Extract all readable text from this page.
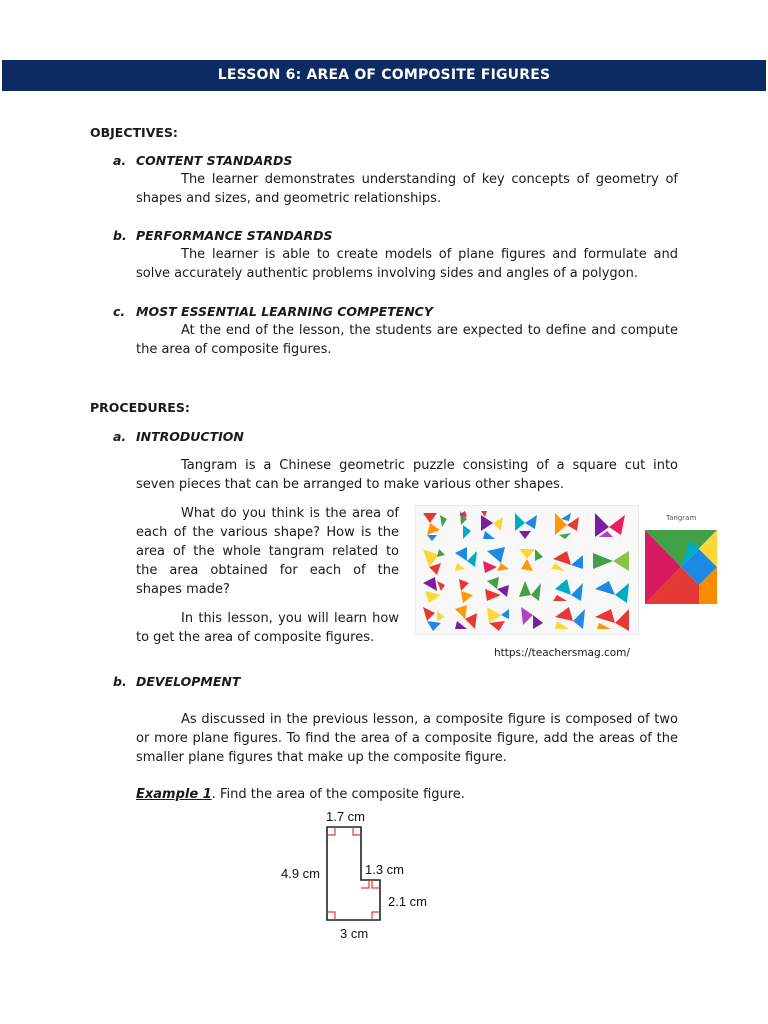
LESSON 6: AREA OF COMPOSITE FIGURES
OBJECTIVES:
a. CONTENT STANDARDS
The learner demonstrates understanding of key concepts of geometry of shapes and sizes, and geometric relationships.
b. PERFORMANCE STANDARDS
The learner is able to create models of plane figures and formulate and solve accurately authentic problems involving sides and angles of a polygon.
c. MOST ESSENTIAL LEARNING COMPETENCY
At the end of the lesson, the students are expected to define and compute the area of composite figures.
PROCEDURES:
a. INTRODUCTION
Tangram is a Chinese geometric puzzle consisting of a square cut into seven pieces that can be arranged to make various other shapes.
What do you think is the area of each of the various shape? How is the area of the whole tangram related to the area obtained for each of the shapes made?
In this lesson, you will learn how to get the area of composite figures.
Tangram
https://teachersmag.com/
b. DEVELOPMENT
As discussed in the previous lesson, a composite figure is composed of two or more plane figures. To find the area of a composite figure, add the areas of the smaller plane figures that make up the composite figure.
Example 1. Find the area of the composite figure.
1.7 cm
4.9 cm	1.3 cm
2.1 cm
3 cm
